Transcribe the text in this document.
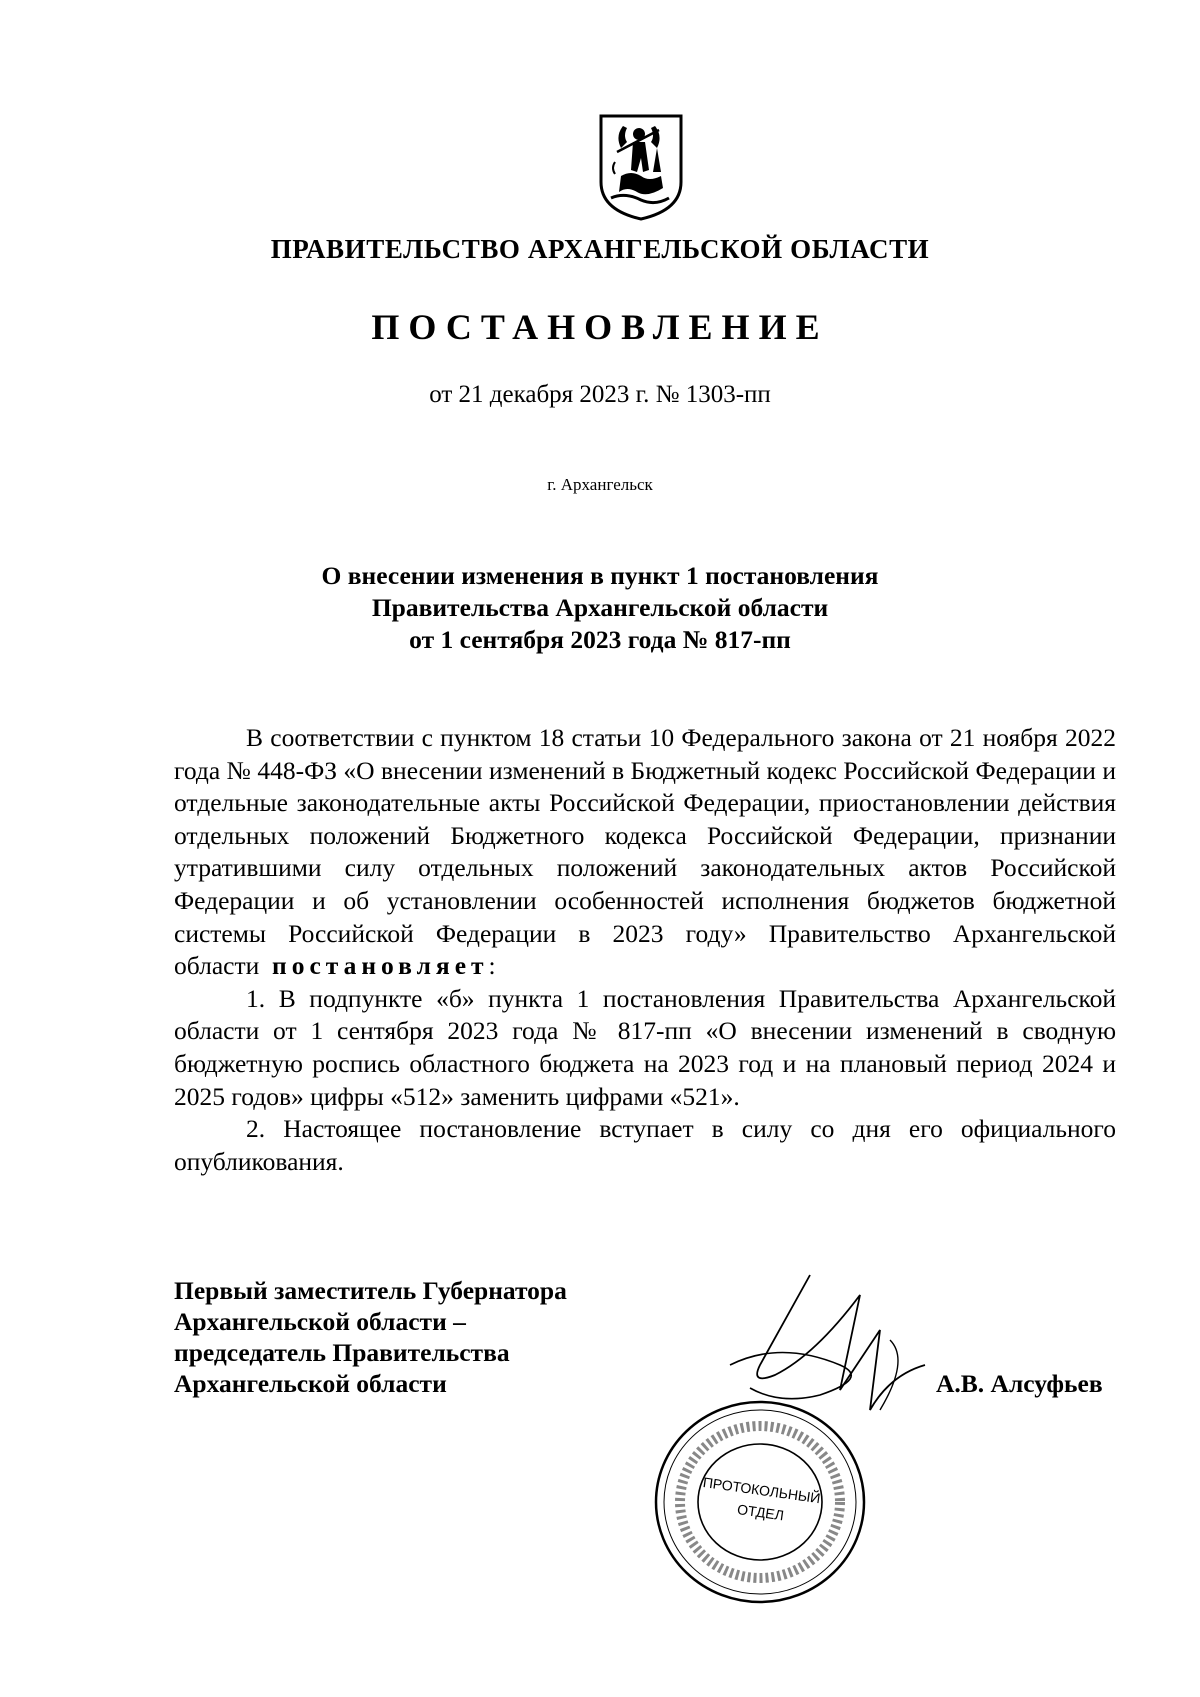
ПРАВИТЕЛЬСТВО АРХАНГЕЛЬСКОЙ ОБЛАСТИ
ПОСТАНОВЛЕНИЕ
от 21 декабря 2023 г. № 1303-пп
г. Архангельск
О внесении изменения в пункт 1 постановления
Правительства Архангельской области
от 1 сентября 2023 года № 817-пп

В соответствии с пунктом 18 статьи 10 Федерального закона от 21 ноября 2022 года № 448-ФЗ «О внесении изменений в Бюджетный кодекс Российской Федерации и отдельные законодательные акты Российской Федерации, приостановлении действия отдельных положений Бюджетного кодекса Российской Федерации, признании утратившими силу отдельных положений законодательных актов Российской Федерации и об установлении особенностей исполнения бюджетов бюджетной системы Российской Федерации в 2023 году» Правительство Архангельской области постановляет:

1. В подпункте «б» пункта 1 постановления Правительства Архангельской области от 1 сентября 2023 года № 817-пп «О внесении изменений в сводную бюджетную роспись областного бюджета на 2023 год и на плановый период 2024 и 2025 годов» цифры «512» заменить цифрами «521».

2. Настоящее постановление вступает в силу со дня его официального опубликования.

Первый заместитель Губернатора
Архангельской области –
председатель Правительства
Архангельской области
ПРОТОКОЛЬНЫЙ
ОТДЕЛ
А.В. Алсуфьев
